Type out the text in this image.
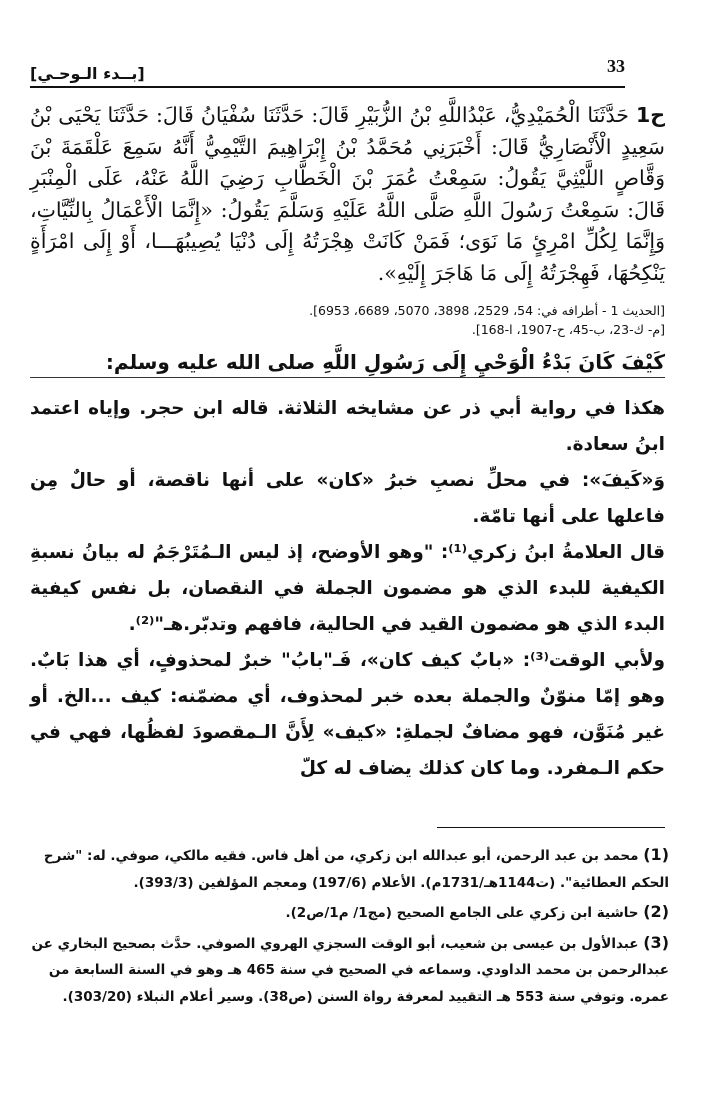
33
[بــدء الـوحـي]
ح1 حَدَّثَنَا الْحُمَيْدِيُّ، عَبْدُاللَّهِ بْنُ الزُّبَيْرِ قَالَ: حَدَّثَنَا سُفْيَانُ قَالَ: حَدَّثَنَا يَحْيَى بْنُ سَعِيدٍ الْأَنْصَارِيُّ قَالَ: أَخْبَرَنِي مُحَمَّدُ بْنُ إِبْرَاهِيمَ التَّيْمِيُّ أَنَّهُ سَمِعَ عَلْقَمَةَ بْنَ وَقَّاصٍ اللَّيْثِيَّ يَقُولُ: سَمِعْتُ عُمَرَ بْنَ الْخَطَّابِ رَضِيَ اللَّهُ عَنْهُ، عَلَى الْمِنْبَرِ قَالَ: سَمِعْتُ رَسُولَ اللَّهِ صَلَّى اللَّهُ عَلَيْهِ وَسَلَّمَ يَقُولُ: «إِنَّمَا الْأَعْمَالُ بِالنِّيَّاتِ، وَإِنَّمَا لِكُلِّ امْرِئٍ مَا نَوَى؛ فَمَنْ كَانَتْ هِجْرَتُهُ إِلَى دُنْيَا يُصِيبُهَـــا، أَوْ إِلَى امْرَأَةٍ يَنْكِحُهَا، فَهِجْرَتُهُ إِلَى مَا هَاجَرَ إِلَيْهِ».
[الحديث 1 - أطرافه في: 54، 2529، 3898، 5070، 6689، 6953].
[م- ك-23، ب-45، ح-1907، ا-168].
كَيْفَ كَانَ بَدْءُ الْوَحْيِ إِلَى رَسُولِ اللَّهِ صلى الله عليه وسلم:

هكذا في رواية أبي ذر عن مشايخه الثلاثة. قاله ابن حجر. وإياه اعتمد ابنُ سعادة.

وَ«كَيفَ»: في محلِّ نصبِ خبرُ «كان» على أنها ناقصة، أو حالٌ مِن فاعلها على أنها تامّة.

قال العلامةُ ابنُ زكري⁽¹⁾: "وهو الأوضح، إذ ليس الـمُتَرْجَمُ له بيانُ نسبةِ الكيفية للبدء الذي هو مضمون الجملة في النقصان، بل نفس كيفية البدء الذي هو مضمون القيد في الحالية، فافهم وتدبّر.هـ"⁽²⁾.

ولأبي الوقت⁽³⁾: «بابٌ كيف كان»، فَـ"بابُ" خبرٌ لمحذوفٍ، أي هذا بَابٌ. وهو إمّا منوّنٌ والجملة بعده خبر لمحذوف، أي مضمّنه: كيف ...الخ. أو غير مُنَوَّن، فهو مضافٌ لجملةِ: «كيف» لِأَنَّ الـمقصودَ لفظُها، فهي في حكم الـمفرد. وما كان كذلك يضاف له كلّ

(1) محمد بن عبد الرحمن، أبو عبدالله ابن زكري، من أهل فاس. فقيه مالكي، صوفي. له: "شرح الحكم العطائية". (ت1144هـ/1731م). الأعلام (197/6) ومعجم المؤلفين (393/3).
(2) حاشية ابن زكري على الجامع الصحيح (مج1/ م1/ص2).
(3) عبدالأول بن عيسى بن شعيب، أبو الوقت السجزي الهروي الصوفي. حدَّث بصحيح البخاري عن عبدالرحمن بن محمد الداودي. وسماعه في الصحيح في سنة 465 هـ وهو في السنة السابعة من عمره. وتوفي سنة 553 هـ التقييد لمعرفة رواة السنن (ص38). وسير أعلام النبلاء (303/20).
